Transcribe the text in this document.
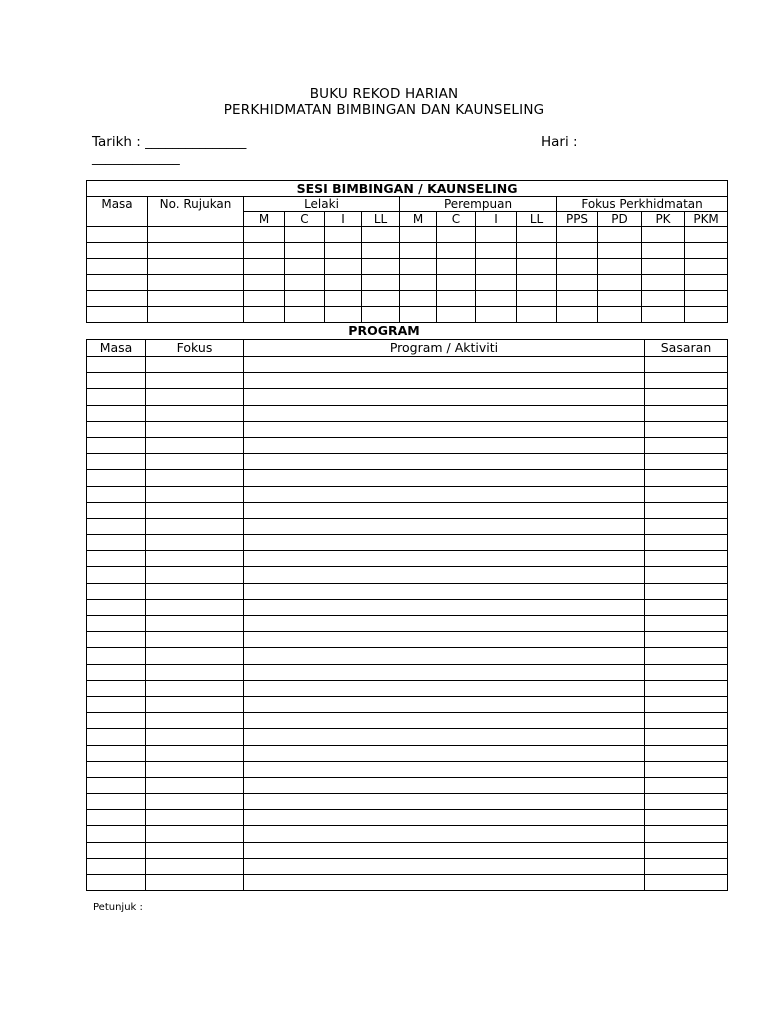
BUKU REKOD HARIAN
PERKHIDMATAN BIMBINGAN DAN KAUNSELING
Tarikh : _______________	Hari :
_____________
SESI BIMBINGAN / KAUNSELING													
Masa	No. Rujukan	Lelaki				Perempuan				Fokus Perkhidmatan			
		M	C	I	LL	M	C	I	LL	PPS	PD	PK	PKM

PROGRAM
Masa	Fokus	Program / Aktiviti	Sasaran

Petunjuk :
